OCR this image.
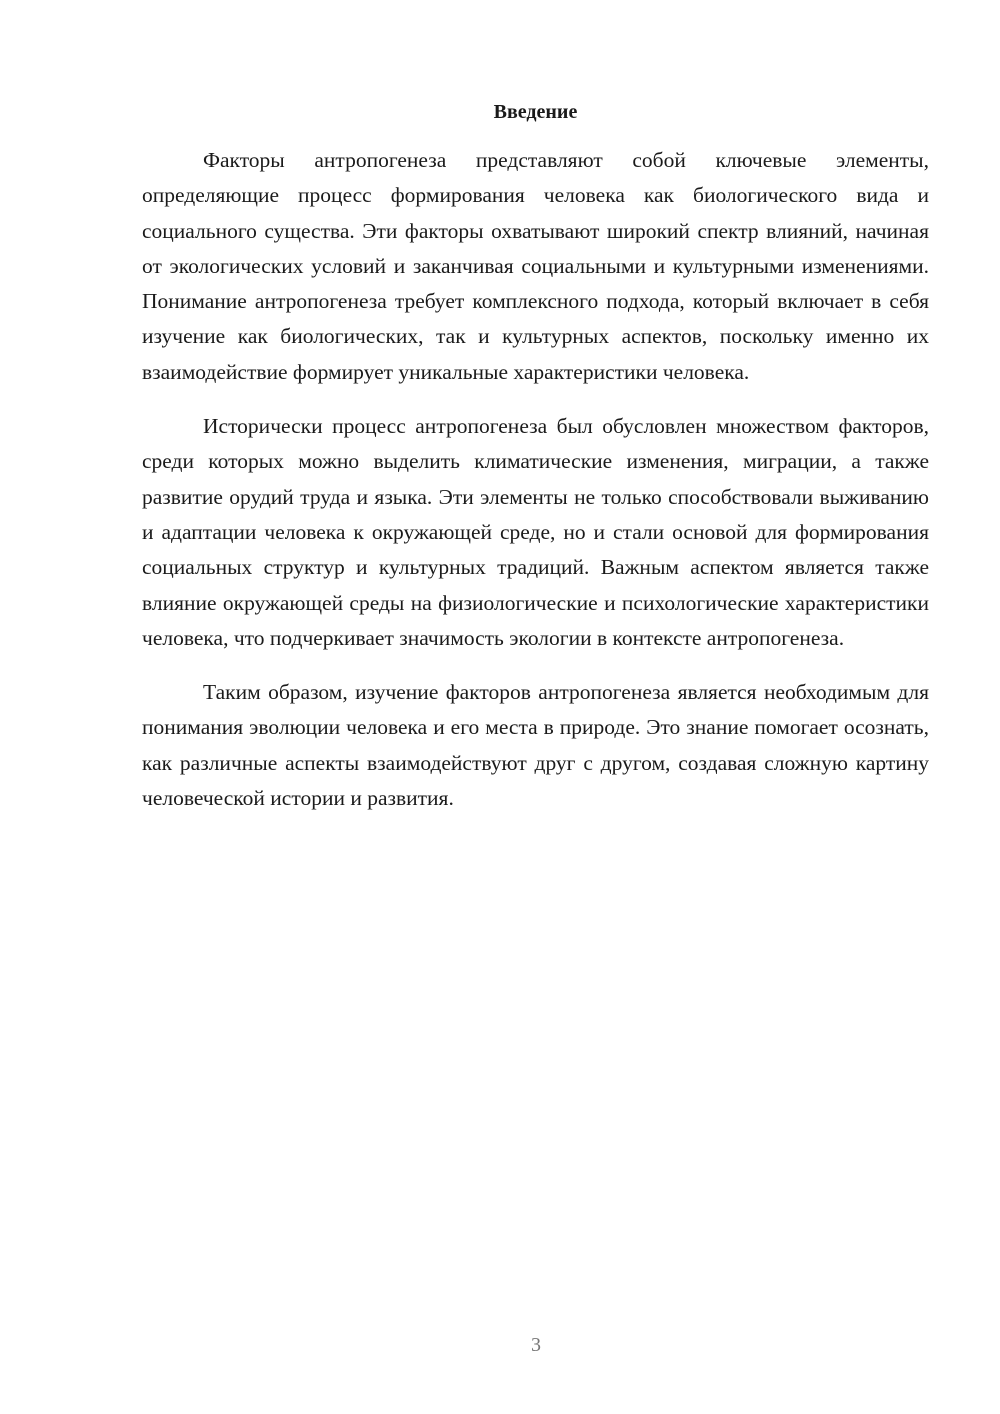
Введение

Факторы антропогенеза представляют собой ключевые элементы, определяющие процесс формирования человека как биологического вида и социального существа. Эти факторы охватывают широкий спектр влияний, начиная от экологических условий и заканчивая социальными и культурными изменениями. Понимание антропогенеза требует комплексного подхода, который включает в себя изучение как биологических, так и культурных аспектов, поскольку именно их взаимодействие формирует уникальные характеристики человека.

Исторически процесс антропогенеза был обусловлен множеством факторов, среди которых можно выделить климатические изменения, миграции, а также развитие орудий труда и языка. Эти элементы не только способствовали выживанию и адаптации человека к окружающей среде, но и стали основой для формирования социальных структур и культурных традиций. Важным аспектом является также влияние окружающей среды на физиологические и психологические характеристики человека, что подчеркивает значимость экологии в контексте антропогенеза.

Таким образом, изучение факторов антропогенеза является необходимым для понимания эволюции человека и его места в природе. Это знание помогает осознать, как различные аспекты взаимодействуют друг с другом, создавая сложную картину человеческой истории и развития.

3
